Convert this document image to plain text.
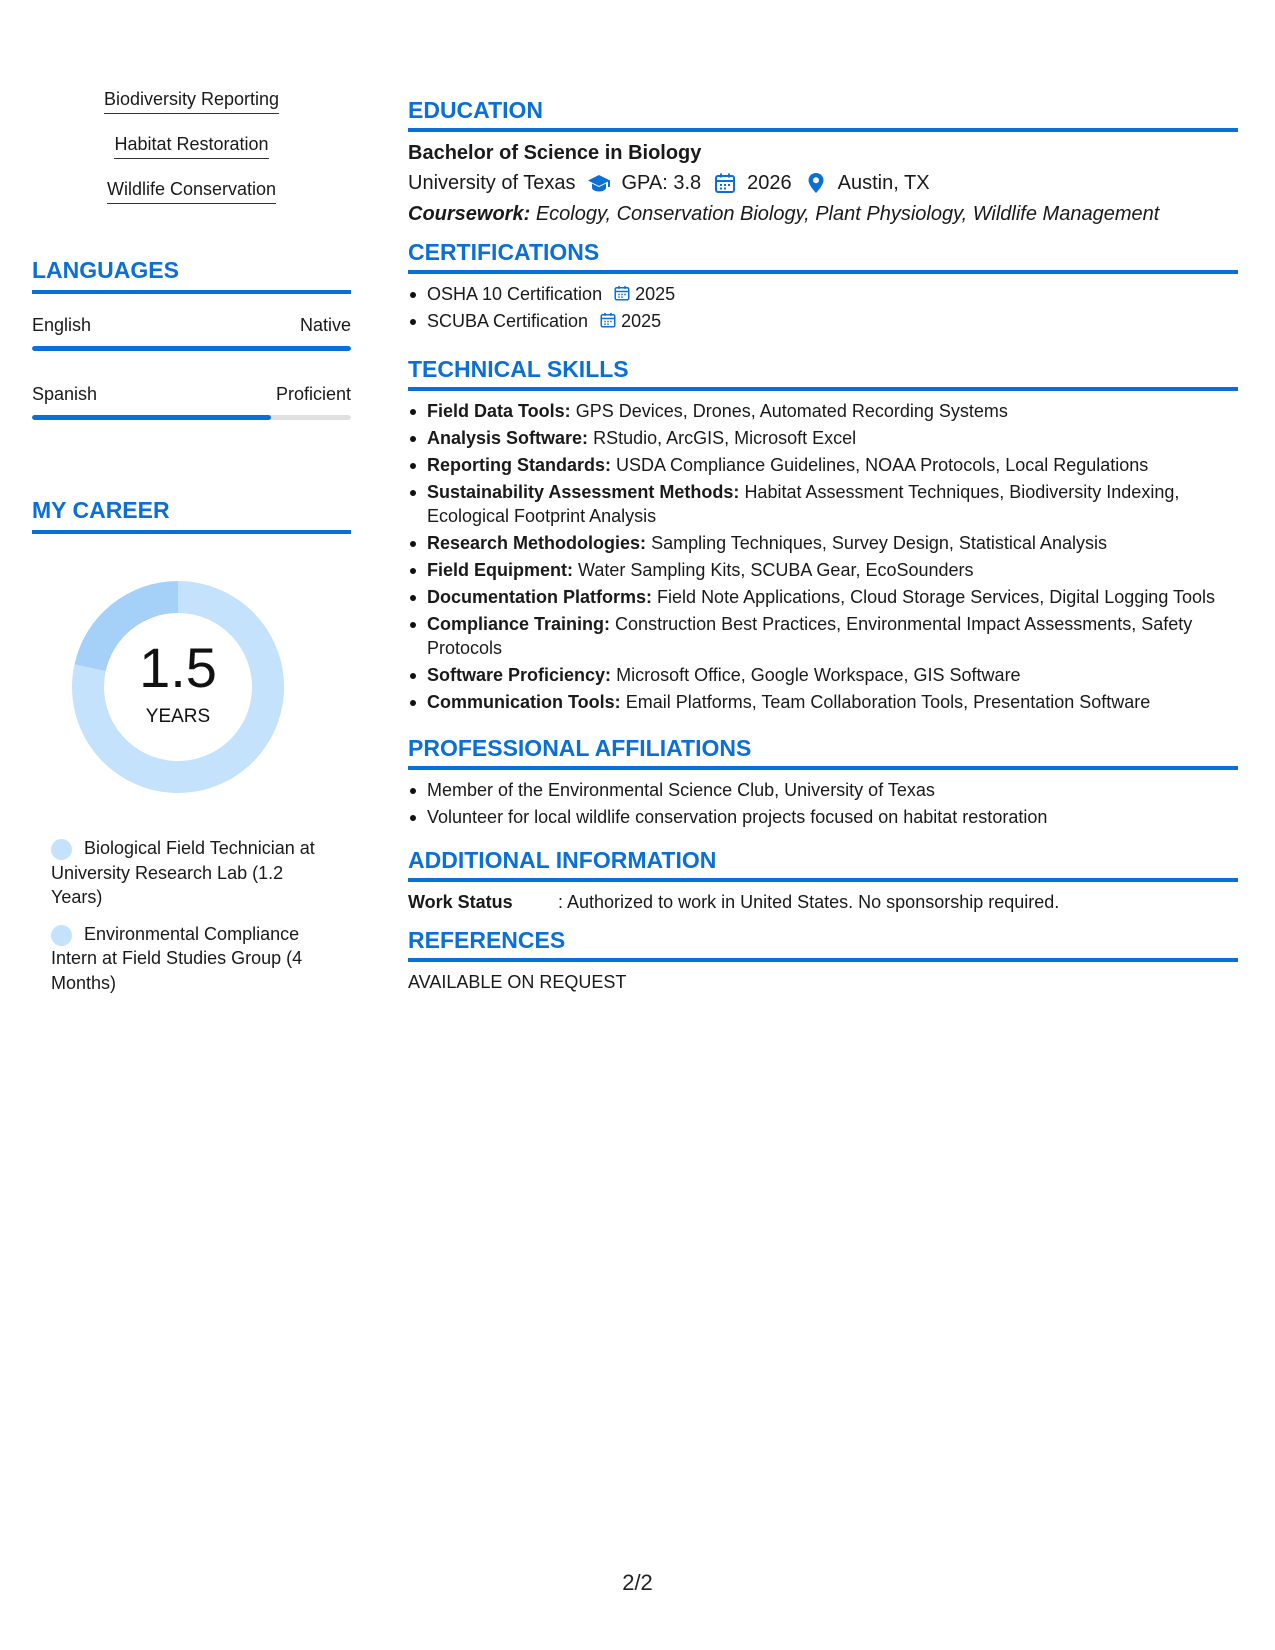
Biodiversity Reporting
Habitat Restoration
Wildlife Conservation
LANGUAGES
English	Native
Spanish	Proficient
MY CAREER
1.5
YEARS
Biological Field Technician at University Research Lab (1.2 Years)
Environmental Compliance Intern at Field Studies Group (4 Months)
EDUCATION
Bachelor of Science in Biology
University of Texas GPA: 3.8 2026 Austin, TX
Coursework: Ecology, Conservation Biology, Plant Physiology, Wildlife Management
CERTIFICATIONS
OSHA 10 Certification 2025
SCUBA Certification 2025
TECHNICAL SKILLS
Field Data Tools: GPS Devices, Drones, Automated Recording Systems
Analysis Software: RStudio, ArcGIS, Microsoft Excel
Reporting Standards: USDA Compliance Guidelines, NOAA Protocols, Local Regulations
Sustainability Assessment Methods: Habitat Assessment Techniques, Biodiversity Indexing, Ecological Footprint Analysis
Research Methodologies: Sampling Techniques, Survey Design, Statistical Analysis
Field Equipment: Water Sampling Kits, SCUBA Gear, EcoSounders
Documentation Platforms: Field Note Applications, Cloud Storage Services, Digital Logging Tools
Compliance Training: Construction Best Practices, Environmental Impact Assessments, Safety Protocols
Software Proficiency: Microsoft Office, Google Workspace, GIS Software
Communication Tools: Email Platforms, Team Collaboration Tools, Presentation Software
PROFESSIONAL AFFILIATIONS
Member of the Environmental Science Club, University of Texas
Volunteer for local wildlife conservation projects focused on habitat restoration
ADDITIONAL INFORMATION
Work Status	: Authorized to work in United States. No sponsorship required.
REFERENCES
AVAILABLE ON REQUEST
2/2
